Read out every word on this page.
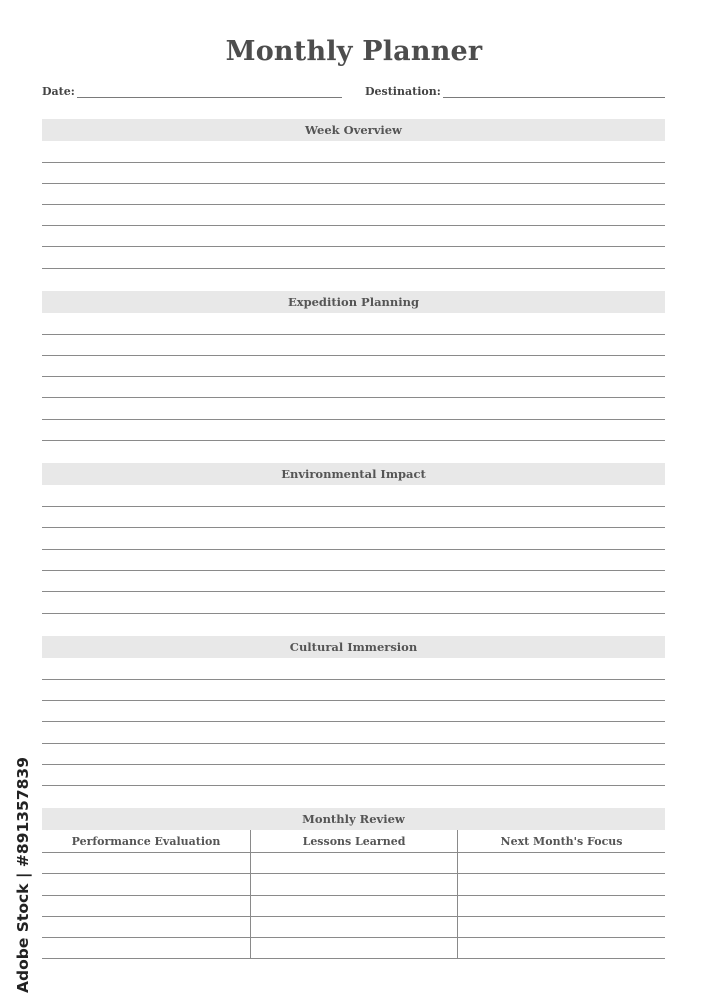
Monthly Planner
Date:	Destination:
Week Overview
Expedition Planning
Environmental Impact
Cultural Immersion
Monthly Review
Performance Evaluation	Lessons Learned	Next Month's Focus
Adobe Stock | #891357839
